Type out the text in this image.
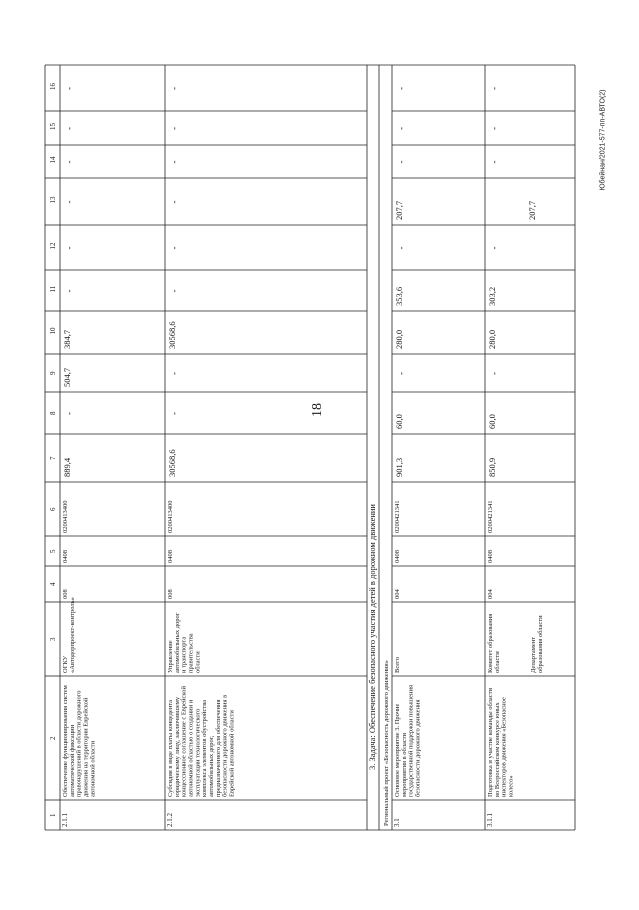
1
2
3
4
5
6
7
8
9
10
11
12
13
14
15
16
2.1.1
Обеспечение функционирования систем автоматической фиксации правонарушений в области дорожного движения на территории Еврейской автономной области
ОГКУ «Автодорпроект-контроль»
008
0408
0200413400
889,4
-
504,7
384,7
-
-
-
-
-
-
2.1.2
Субсидия в виде платы концедента юридическому лицу, заключившему концессионное соглашение с Еврейской автономной областью о создании и эксплуатации технологического комплекса элементов обустройства автомобильных дорог, предназначенного для обеспечения безопасности дорожного движения в Еврейской автономной области
Управление автомобильных дорог и транспорта правительства области
008
0408
0200413400
30568,6
-
-
30568,6
-
-
-
-
-
-
3. Задача: Обеспечение безопасного участия детей в дорожном движении Региональный проект «Безопасность дорожного движения» 3.1
Основное мероприятие 3. Прочие мероприятия в области государственной поддержки повышения безопасности дорожного движения
Всего
004
0408
0200421341
901,3
60,0
-
280,0
353,6
-
207,7
-
-
-
3.1.1
Подготовка и участие команды области во Всероссийском конкурсе юных инспекторов движения «Безопасное колесо»
Комитет образования области
004
0408
0200421341
850,9
60,0
-
280,0
303,2
-
207,7
-
-
-
Департамент образования области
18
Юбейнан/2021-577-пп-АВТО(2)
